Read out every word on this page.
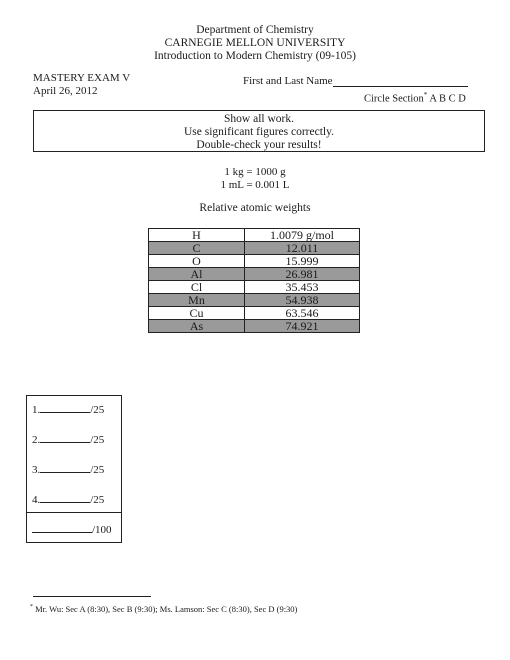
Department of Chemistry
CARNEGIE MELLON UNIVERSITY
Introduction to Modern Chemistry (09-105)
MASTERY EXAM V
April 26, 2012
First and Last Name
Circle Section* A B C D
Show all work.
Use significant figures correctly.
Double-check your results!
1 kg = 1000 g
1 mL = 0.001 L
Relative atomic weights
H	1.0079 g/mol
C	12.011
O	15.999
Al	26.981
Cl	35.453
Mn	54.938
Cu	63.546
As	74.921
1.	/25
2.	/25
3.	/25
4.	/25
/100
* Mr. Wu: Sec A (8:30), Sec B (9:30); Ms. Lamson: Sec C (8:30), Sec D (9:30)
